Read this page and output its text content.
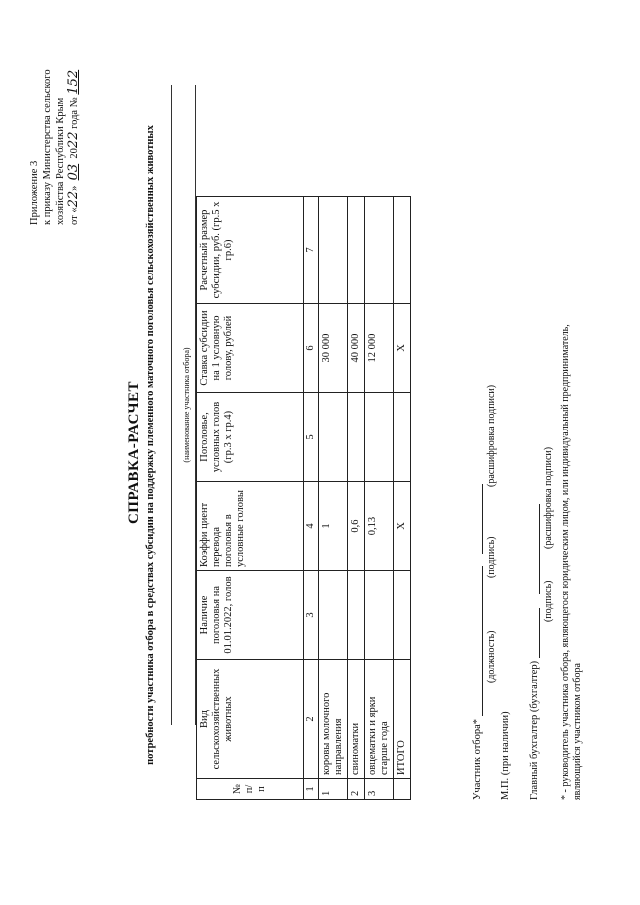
Приложение 3 к приказу Министерства сельского хозяйства Республики Крым от «22»  03  2022 года № 152
СПРАВКА-РАСЧЕТ потребности участника отбора в средствах субсидии на поддержку племенного маточного поголовья сельскохозяйственных животных	(наименование участника отбора)
№ п/п	Вид сельскохозяйственных животных	Наличие поголовья на 01.01.2022, голов	Коэффи циент перевода поголовья в условные головы	Поголовье, условных голов (гр.3 х гр.4)	Ставка субсидии на 1 условную голову, рублей	Расчетный размер субсидии, руб. (гр.5 х гр.6)
1	2	3	4	5	6	7
1	коровы молочного направления		1		30 000	
2	свиноматки		0,6		40 000	
3	овцематки и ярки старше года		0,13		12 000	
	ИТОГО		Х		Х	
Участник отбора*
(должность)
(подпись)
(расшифровка подписи)
М.П. (при наличии) Главный бухгалтер (бухгалтер)
(подпись)
(расшифровка подписи) * - руководитель участника отбора, являющегося юридическим лицом, или индивидуальный предприниматель, являющийся участником отбора
